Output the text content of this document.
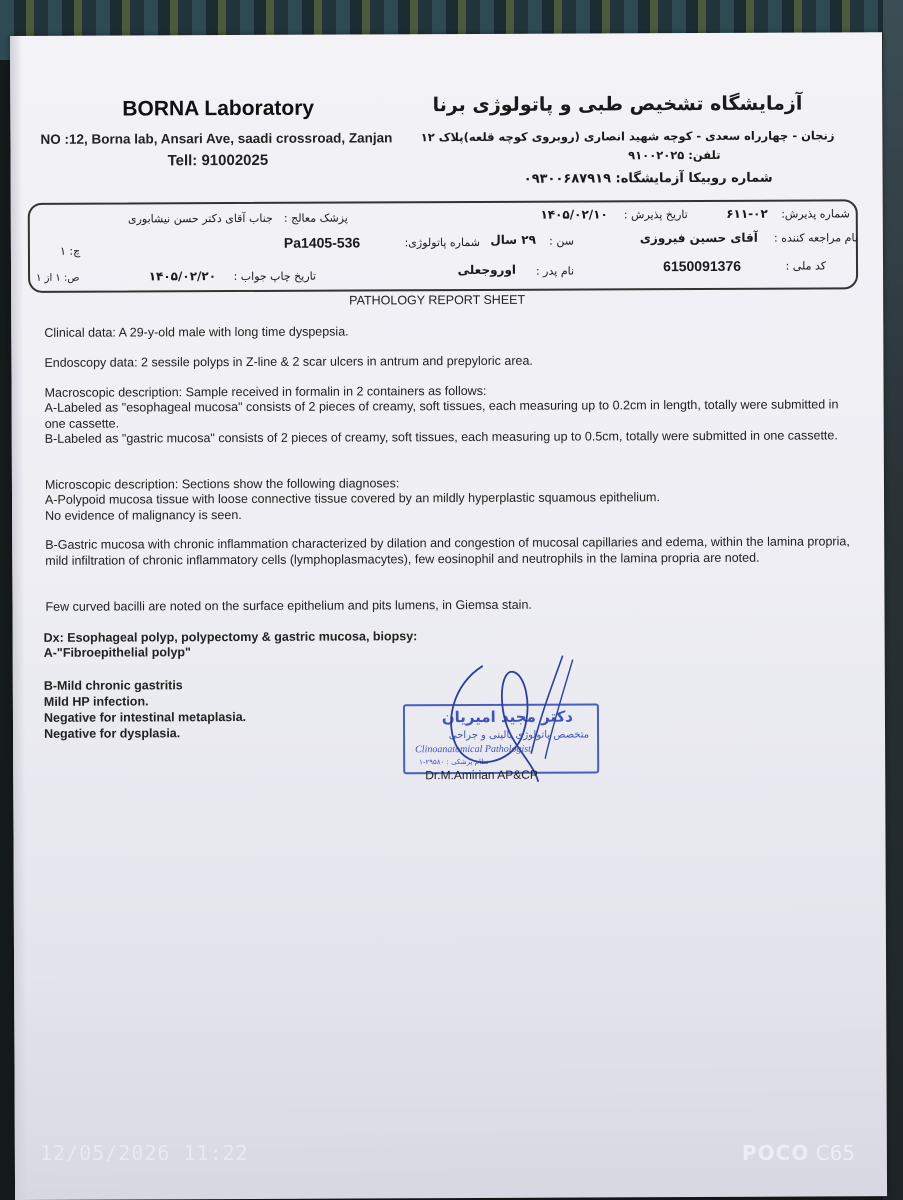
BORNA Laboratory
NO :12, Borna lab, Ansari Ave, saadi crossroad, Zanjan
Tell: 91002025
آزمایشگاه تشخیص طبی و پاتولوژی برنا
زنجان - چهارراه سعدی - کوچه شهید انصاری (روبروی کوچه قلعه)پلاک ۱۲
تلفن: ۹۱۰۰۲۰۲۵
شماره روبیکا آزمایشگاه: ۰۹۳۰۰۶۸۷۹۱۹
شماره پذیرش:
۶۱۱-۰۲
تاریخ پذیرش :
۱۴۰۵/۰۲/۱۰
پزشک معالج :
جناب آقای دکتر حسن نیشابوری
نام مراجعه کننده :
آقای حسین فیروزی
سن :
۲۹ سال
شماره پاتولوژی:
Pa1405-536
چ: ۱
کد ملی :
6150091376
نام پدر :
اوروجعلی
تاریخ چاپ جواب :
۱۴۰۵/۰۲/۲۰
ص: ۱ از ۱
PATHOLOGY REPORT SHEET
Clinical data: A 29-y-old male with long time dyspepsia.
Endoscopy data: 2 sessile polyps in Z-line & 2 scar ulcers in antrum and prepyloric area.
Macroscopic description: Sample received in formalin in 2 containers as follows:
A-Labeled as "esophageal mucosa" consists of 2 pieces of creamy, soft tissues, each measuring up to 0.2cm in length, totally were submitted in one cassette.
B-Labeled as "gastric mucosa" consists of 2 pieces of creamy, soft tissues, each measuring up to 0.5cm, totally were submitted in one cassette.
Microscopic description: Sections show the following diagnoses:
A-Polypoid mucosa tissue with loose connective tissue covered by an mildly hyperplastic squamous epithelium.
No evidence of malignancy is seen.
B-Gastric mucosa with chronic inflammation characterized by dilation and congestion of mucosal capillaries and edema, within the lamina propria, mild infiltration of chronic inflammatory cells (lymphoplasmacytes), few eosinophil and neutrophils in the lamina propria are noted.
Few curved bacilli are noted on the surface epithelium and pits lumens, in Giemsa stain.
Dx: Esophageal polyp, polypectomy & gastric mucosa, biopsy:
A-"Fibroepithelial polyp"
B-Mild chronic gastritis
Mild HP infection.
Negative for intestinal metaplasia.
Negative for dysplasia.
دکتر مجید امیریان
متخصص پاتولوژی بالینی و جراحی
Clinoanatomical Pathologist
نظام پزشکی : ۲۹۵۸۰-۱
Dr.M.Amirian AP&CP
12/05/2026 11:22	POCO C65
